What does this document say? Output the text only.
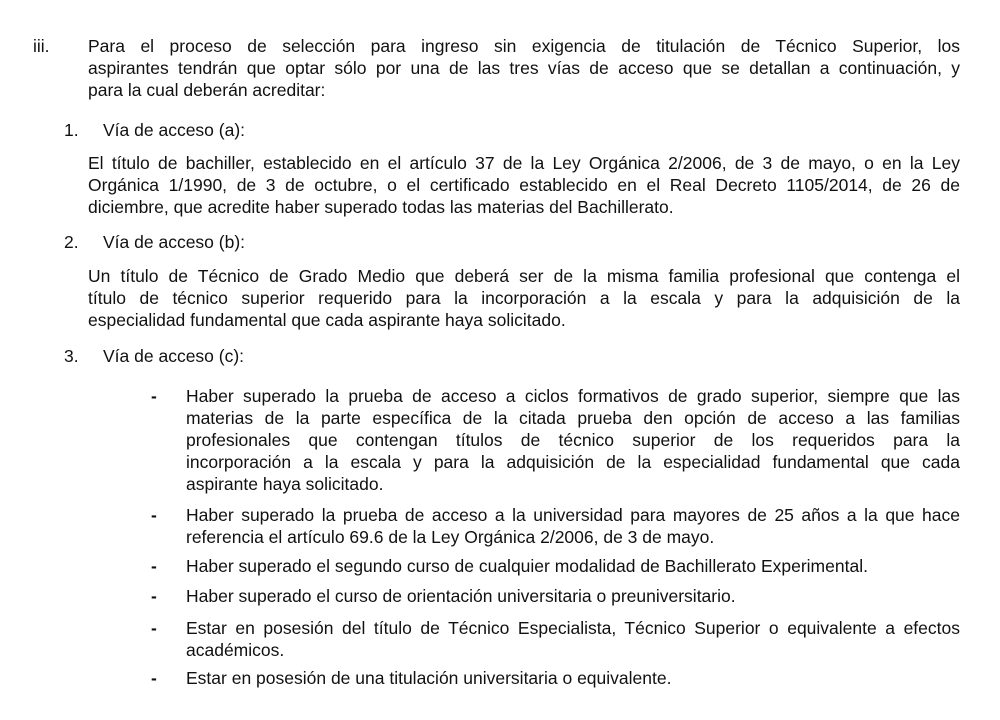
iii. Para el proceso de selección para ingreso sin exigencia de titulación de Técnico Superior, los
aspirantes tendrán que optar sólo por una de las tres vías de acceso que se detallan a continuación, y
para la cual deberán acreditar:
1. Vía de acceso (a):
El título de bachiller, establecido en el artículo 37 de la Ley Orgánica 2/2006, de 3 de mayo, o en la Ley
Orgánica 1/1990, de 3 de octubre, o el certificado establecido en el Real Decreto 1105/2014, de 26 de
diciembre, que acredite haber superado todas las materias del Bachillerato.
2. Vía de acceso (b):
Un título de Técnico de Grado Medio que deberá ser de la misma familia profesional que contenga el
título de técnico superior requerido para la incorporación a la escala y para la adquisición de la
especialidad fundamental que cada aspirante haya solicitado.
3. Vía de acceso (c):
- Haber superado la prueba de acceso a ciclos formativos de grado superior, siempre que las
materias de la parte específica de la citada prueba den opción de acceso a las familias
profesionales que contengan títulos de técnico superior de los requeridos para la
incorporación a la escala y para la adquisición de la especialidad fundamental que cada
aspirante haya solicitado.
- Haber superado la prueba de acceso a la universidad para mayores de 25 años a la que hace
referencia el artículo 69.6 de la Ley Orgánica 2/2006, de 3 de mayo.
- Haber superado el segundo curso de cualquier modalidad de Bachillerato Experimental.
- Haber superado el curso de orientación universitaria o preuniversitario.
- Estar en posesión del título de Técnico Especialista, Técnico Superior o equivalente a efectos
académicos.
- Estar en posesión de una titulación universitaria o equivalente.
